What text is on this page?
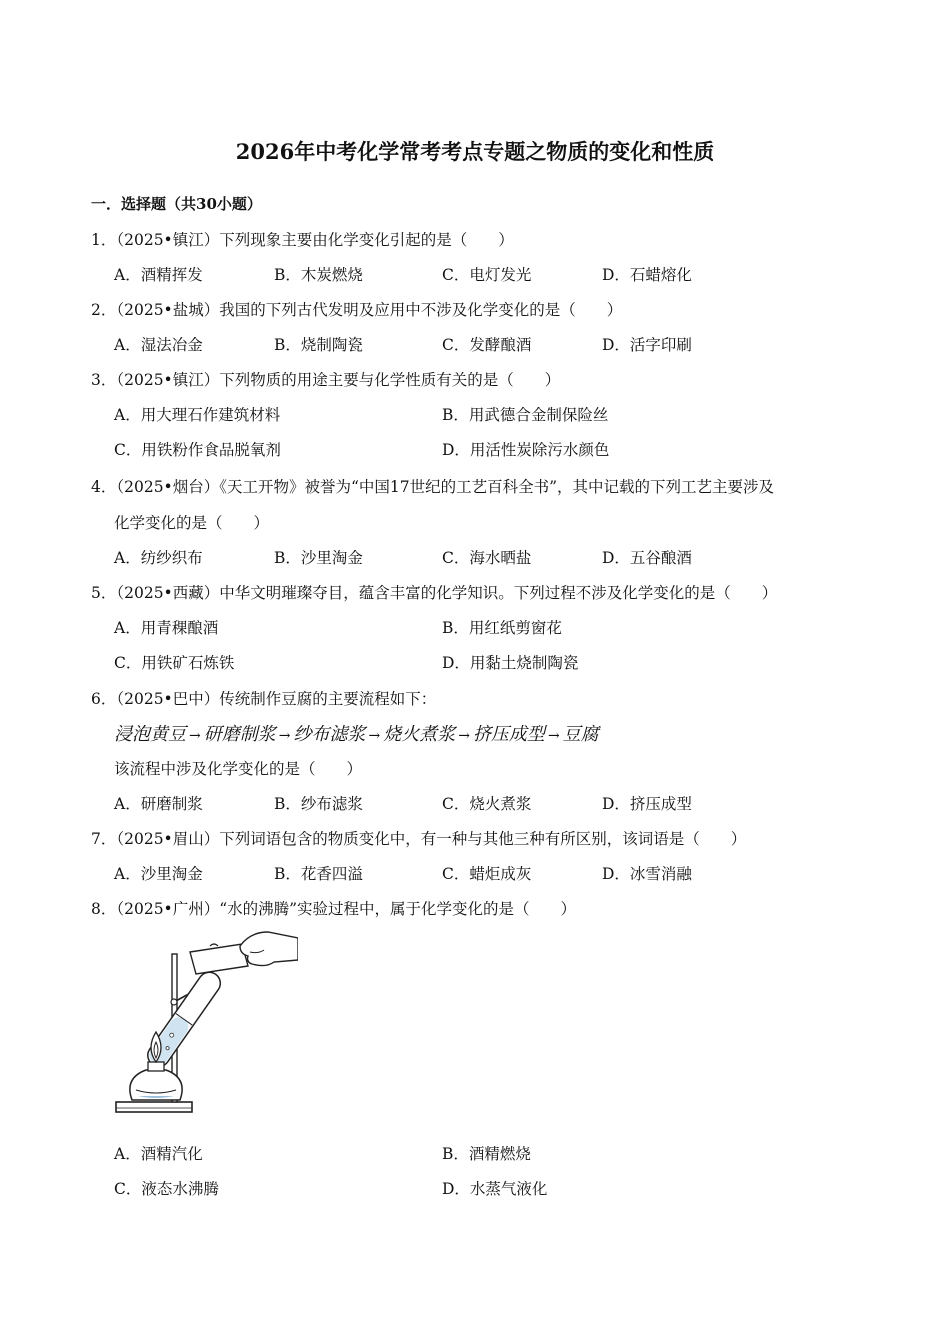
2026年中考化学常考考点专题之物质的变化和性质
一．选择题（共30小题）
1．（2025•镇江）下列现象主要由化学变化引起的是（　　）
A．酒精挥发	B．木炭燃烧	C．电灯发光	D．石蜡熔化
2．（2025•盐城）我国的下列古代发明及应用中不涉及化学变化的是（　　）
A．湿法冶金	B．烧制陶瓷	C．发酵酿酒	D．活字印刷
3．（2025•镇江）下列物质的用途主要与化学性质有关的是（　　）
A．用大理石作建筑材料	B．用武德合金制保险丝
C．用铁粉作食品脱氧剂	D．用活性炭除污水颜色
4．（2025•烟台）《天工开物》被誉为“中国17世纪的工艺百科全书”，其中记载的下列工艺主要涉及
化学变化的是（　　）
A．纺纱织布	B．沙里淘金	C．海水晒盐	D．五谷酿酒
5．（2025•西藏）中华文明璀璨夺目，蕴含丰富的化学知识。下列过程不涉及化学变化的是（　　）
A．用青稞酿酒	B．用红纸剪窗花
C．用铁矿石炼铁	D．用黏土烧制陶瓷
6．（2025•巴中）传统制作豆腐的主要流程如下：
浸泡黄豆 → 研磨制浆 → 纱布滤浆 → 烧火煮浆 → 挤压成型 → 豆腐
该流程中涉及化学变化的是（　　）
A．研磨制浆	B．纱布滤浆	C．烧火煮浆	D．挤压成型
7．（2025•眉山）下列词语包含的物质变化中，有一种与其他三种有所区别，该词语是（　　）
A．沙里淘金	B．花香四溢	C．蜡炬成灰	D．冰雪消融
8．（2025•广州）“水的沸腾”实验过程中，属于化学变化的是（　　）
A．酒精汽化	B．酒精燃烧
C．液态水沸腾	D．水蒸气液化
